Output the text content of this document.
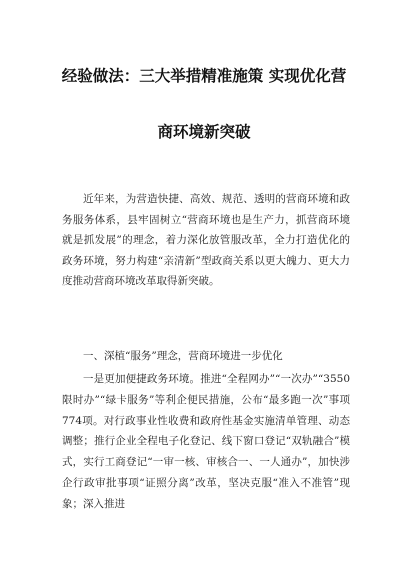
经验做法：三大举措精准施策 实现优化营
商环境新突破
近年来，为营造快捷、高效、规范、透明的营商环境和政务服务体系，县牢固树立“营商环境也是生产力，抓营商环境就是抓发展”的理念，着力深化放管服改革，全力打造优化的政务环境，努力构建“亲清新”型政商关系以更大魄力、更大力度推动营商环境改革取得新突破。
一、深植“服务”理念，营商环境进一步优化
一是更加便捷政务环境。推进“全程网办”“一次办”“3550限时办”“绿卡服务”等利企便民措施，公布“最多跑一次”事项774项。对行政事业性收费和政府性基金实施清单管理、动态调整；推行企业全程电子化登记、线下窗口登记“双轨融合”模式，实行工商登记“一审一核、审核合一、一人通办”，加快涉企行政审批事项“证照分离”改革，坚决克服“准入不准管”现象；深入推进
